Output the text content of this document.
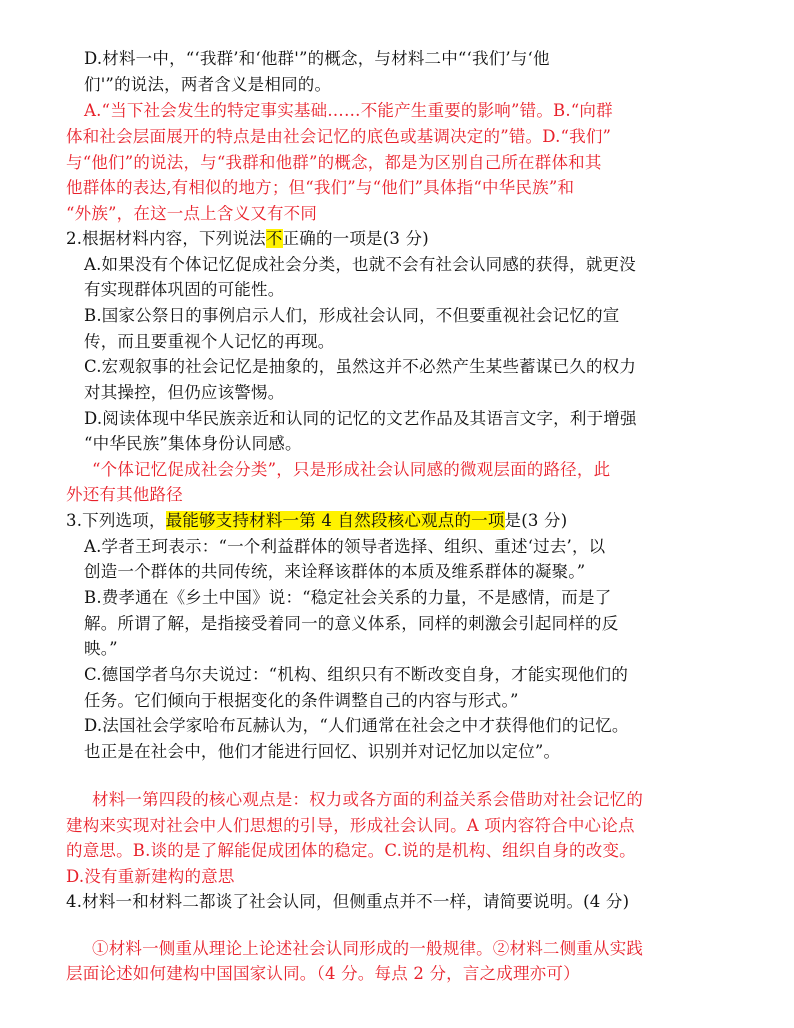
D.材料一中，“‘我群’和‘他群'”的概念，与材料二中“‘我们’与‘他
们'”的说法，两者含义是相同的。
A.“当下社会发生的特定事实基础……不能产生重要的影响”错。B.“向群
体和社会层面展开的特点是由社会记忆的底色或基调决定的”错。D.“我们”
与“他们”的说法，与“我群和他群”的概念，都是为区别自己所在群体和其
他群体的表达,有相似的地方；但“我们”与“他们”具体指“中华民族”和
“外族”，在这一点上含义又有不同
2.根据材料内容，下列说法不正确的一项是(3 分)
A.如果没有个体记忆促成社会分类，也就不会有社会认同感的获得，就更没
有实现群体巩固的可能性。
B.国家公祭日的事例启示人们，形成社会认同，不但要重视社会记忆的宣
传，而且要重视个人记忆的再现。
C.宏观叙事的社会记忆是抽象的，虽然这并不必然产生某些蓄谋已久的权力
对其操控，但仍应该警惕。
D.阅读体现中华民族亲近和认同的记忆的文艺作品及其语言文字，利于增强
“中华民族”集体身份认同感。
“个体记忆促成社会分类”，只是形成社会认同感的微观层面的路径，此
外还有其他路径
3.下列选项，最能够支持材料一第 4 自然段核心观点的一项是(3 分)
A.学者王珂表示：“一个利益群体的领导者选择、组织、重述‘过去’，以
创造一个群体的共同传统，来诠释该群体的本质及维系群体的凝聚。”
B.费孝通在《乡土中国》说：“稳定社会关系的力量，不是感情，而是了
解。所谓了解，是指接受着同一的意义体系，同样的刺激会引起同样的反
映。”
C.德国学者乌尔夫说过：“机构、组织只有不断改变自身，才能实现他们的
任务。它们倾向于根据变化的条件调整自己的内容与形式。”
D.法国社会学家哈布瓦赫认为，“人们通常在社会之中才获得他们的记忆。
也正是在社会中，他们才能进行回忆、识别并对记忆加以定位”。
材料一第四段的核心观点是：权力或各方面的利益关系会借助对社会记忆的
建构来实现对社会中人们思想的引导，形成社会认同。A 项内容符合中心论点
的意思。B.谈的是了解能促成团体的稳定。C.说的是机构、组织自身的改变。
D.没有重新建构的意思
4.材料一和材料二都谈了社会认同，但侧重点并不一样，请简要说明。(4 分)
①材料一侧重从理论上论述社会认同形成的一般规律。②材料二侧重从实践
层面论述如何建构中国国家认同。（4 分。每点 2 分，言之成理亦可）
